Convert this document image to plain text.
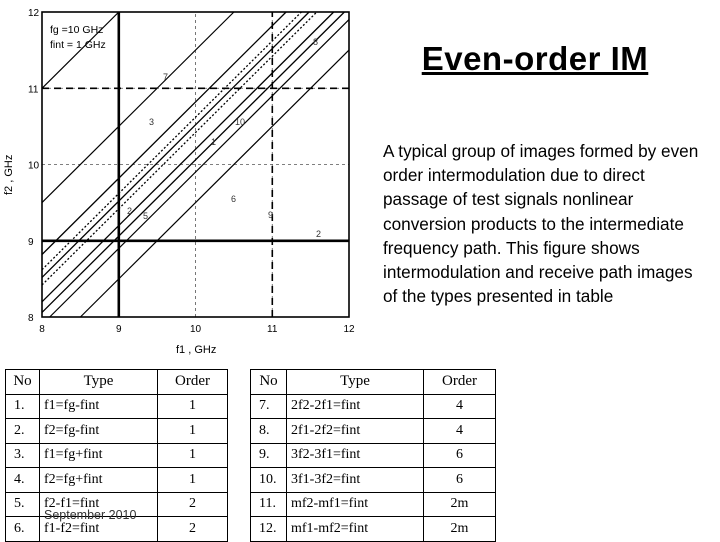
Even-order IM
A typical group of images formed by even order intermodulation due to direct passage of test signals nonlinear conversion products to the intermediate frequency path. This figure shows intermodulation and receive path images of the types presented in table
8	9	10	11	12
8
9
10
11
12
8
2
7
10
3
1
6
9
5
2
fg =10 GHz
fint = 1 GHz
f1 , GHz
f2 , GHz
No	Type	Order
1.	f1=fg-fint	1
2.	f2=fg-fint	1
3.	f1=fg+fint	1
4.	f2=fg+fint	1
5.	f2-f1=fint	2
6.	f1-f2=fint	2
No	Type	Order
7.	2f2-2f1=fint	4
8.	2f1-2f2=fint	4
9.	3f2-3f1=fint	6
10.	3f1-3f2=fint	6
11.	mf2-mf1=fint	2m
12.	mf1-mf2=fint	2m
September 2010
